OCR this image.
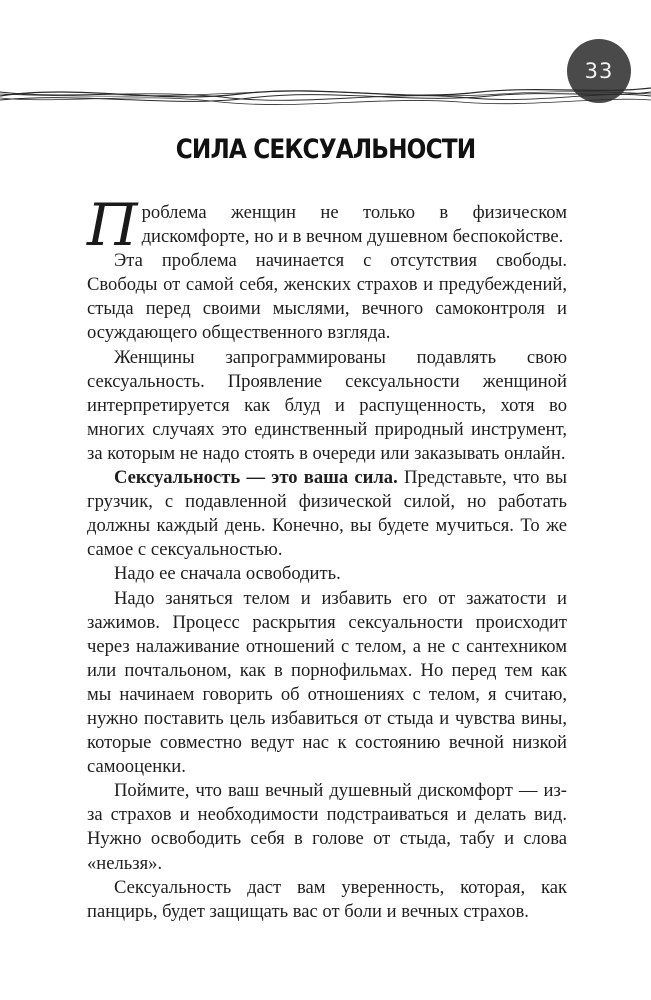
33
СИЛА СЕКСУАЛЬНОСТИ

Проблема женщин не только в физическом дискомфорте, но и в вечном душевном беспокойстве.

Эта проблема начинается с отсутствия свободы. Свободы от самой себя, женских страхов и предубеждений, стыда перед своими мыслями, вечного самоконтроля и осуждающего общественного взгляда.

Женщины запрограммированы подавлять свою сексуальность. Проявление сексуальности женщиной интерпретируется как блуд и распущенность, хотя во многих случаях это единственный природный инструмент, за которым не надо стоять в очереди или заказывать онлайн.

Сексуальность — это ваша сила. Представьте, что вы грузчик, с подавленной физической силой, но работать должны каждый день. Конечно, вы будете мучиться. То же самое с сексуальностью.

Надо ее сначала освободить.

Надо заняться телом и избавить его от зажатости и зажимов. Процесс раскрытия сексуальности происходит через налаживание отношений с телом, а не с сантехником или почтальоном, как в порнофильмах. Но перед тем как мы начинаем говорить об отношениях с телом, я считаю, нужно поставить цель избавиться от стыда и чувства вины, которые совместно ведут нас к состоянию вечной низкой самооценки.

Поймите, что ваш вечный душевный дискомфорт — из-за страхов и необходимости подстраиваться и делать вид. Нужно освободить себя в голове от стыда, табу и слова «нельзя».

Сексуальность даст вам уверенность, которая, как панцирь, будет защищать вас от боли и вечных страхов.
